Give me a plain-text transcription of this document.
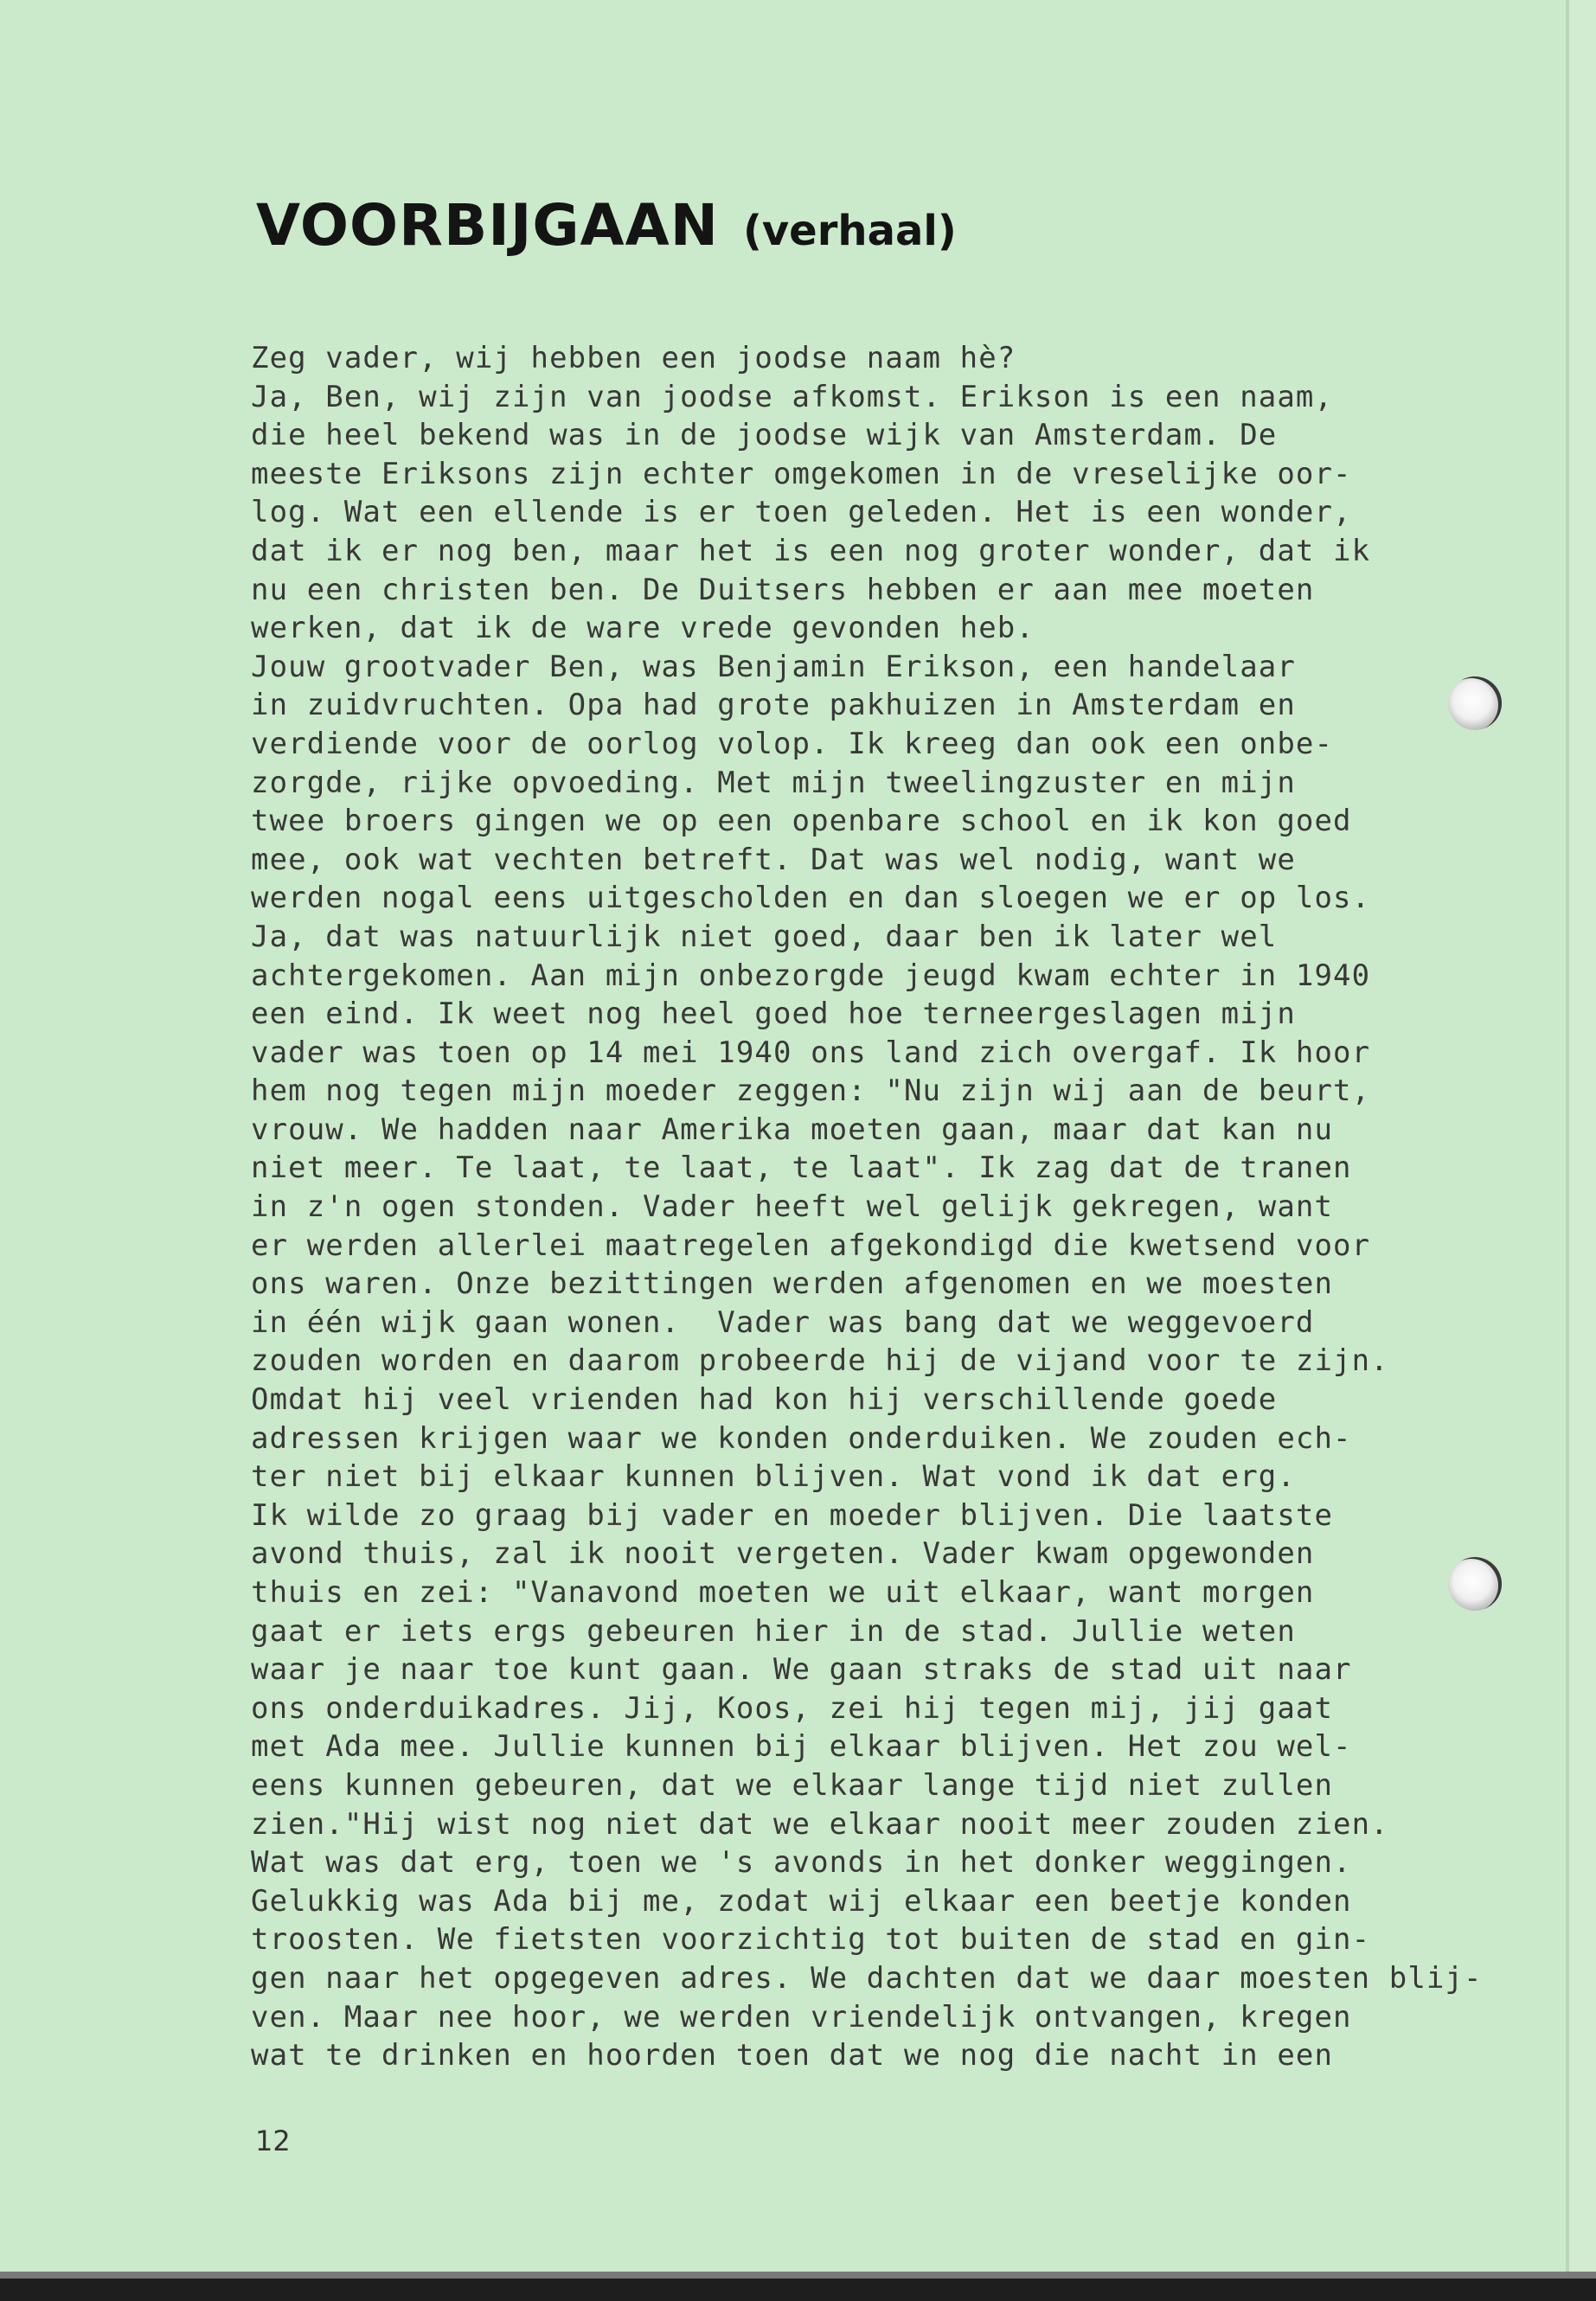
VOORBIJGAAN (verhaal)
Zeg vader, wij hebben een joodse naam hè?
Ja, Ben, wij zijn van joodse afkomst. Erikson is een naam,
die heel bekend was in de joodse wijk van Amsterdam. De
meeste Eriksons zijn echter omgekomen in de vreselijke oor-
log. Wat een ellende is er toen geleden. Het is een wonder,
dat ik er nog ben, maar het is een nog groter wonder, dat ik
nu een christen ben. De Duitsers hebben er aan mee moeten
werken, dat ik de ware vrede gevonden heb.
Jouw grootvader Ben, was Benjamin Erikson, een handelaar
in zuidvruchten. Opa had grote pakhuizen in Amsterdam en
verdiende voor de oorlog volop. Ik kreeg dan ook een onbe-
zorgde, rijke opvoeding. Met mijn tweelingzuster en mijn
twee broers gingen we op een openbare school en ik kon goed
mee, ook wat vechten betreft. Dat was wel nodig, want we
werden nogal eens uitgescholden en dan sloegen we er op los.
Ja, dat was natuurlijk niet goed, daar ben ik later wel
achtergekomen. Aan mijn onbezorgde jeugd kwam echter in 1940
een eind. Ik weet nog heel goed hoe terneergeslagen mijn
vader was toen op 14 mei 1940 ons land zich overgaf. Ik hoor
hem nog tegen mijn moeder zeggen: "Nu zijn wij aan de beurt,
vrouw. We hadden naar Amerika moeten gaan, maar dat kan nu
niet meer. Te laat, te laat, te laat". Ik zag dat de tranen
in z'n ogen stonden. Vader heeft wel gelijk gekregen, want
er werden allerlei maatregelen afgekondigd die kwetsend voor
ons waren. Onze bezittingen werden afgenomen en we moesten
in één wijk gaan wonen.  Vader was bang dat we weggevoerd
zouden worden en daarom probeerde hij de vijand voor te zijn.
Omdat hij veel vrienden had kon hij verschillende goede
adressen krijgen waar we konden onderduiken. We zouden ech-
ter niet bij elkaar kunnen blijven. Wat vond ik dat erg.
Ik wilde zo graag bij vader en moeder blijven. Die laatste
avond thuis, zal ik nooit vergeten. Vader kwam opgewonden
thuis en zei: "Vanavond moeten we uit elkaar, want morgen
gaat er iets ergs gebeuren hier in de stad. Jullie weten
waar je naar toe kunt gaan. We gaan straks de stad uit naar
ons onderduikadres. Jij, Koos, zei hij tegen mij, jij gaat
met Ada mee. Jullie kunnen bij elkaar blijven. Het zou wel-
eens kunnen gebeuren, dat we elkaar lange tijd niet zullen
zien."Hij wist nog niet dat we elkaar nooit meer zouden zien.
Wat was dat erg, toen we 's avonds in het donker weggingen.
Gelukkig was Ada bij me, zodat wij elkaar een beetje konden
troosten. We fietsten voorzichtig tot buiten de stad en gin-
gen naar het opgegeven adres. We dachten dat we daar moesten blij-
ven. Maar nee hoor, we werden vriendelijk ontvangen, kregen
wat te drinken en hoorden toen dat we nog die nacht in een
12
